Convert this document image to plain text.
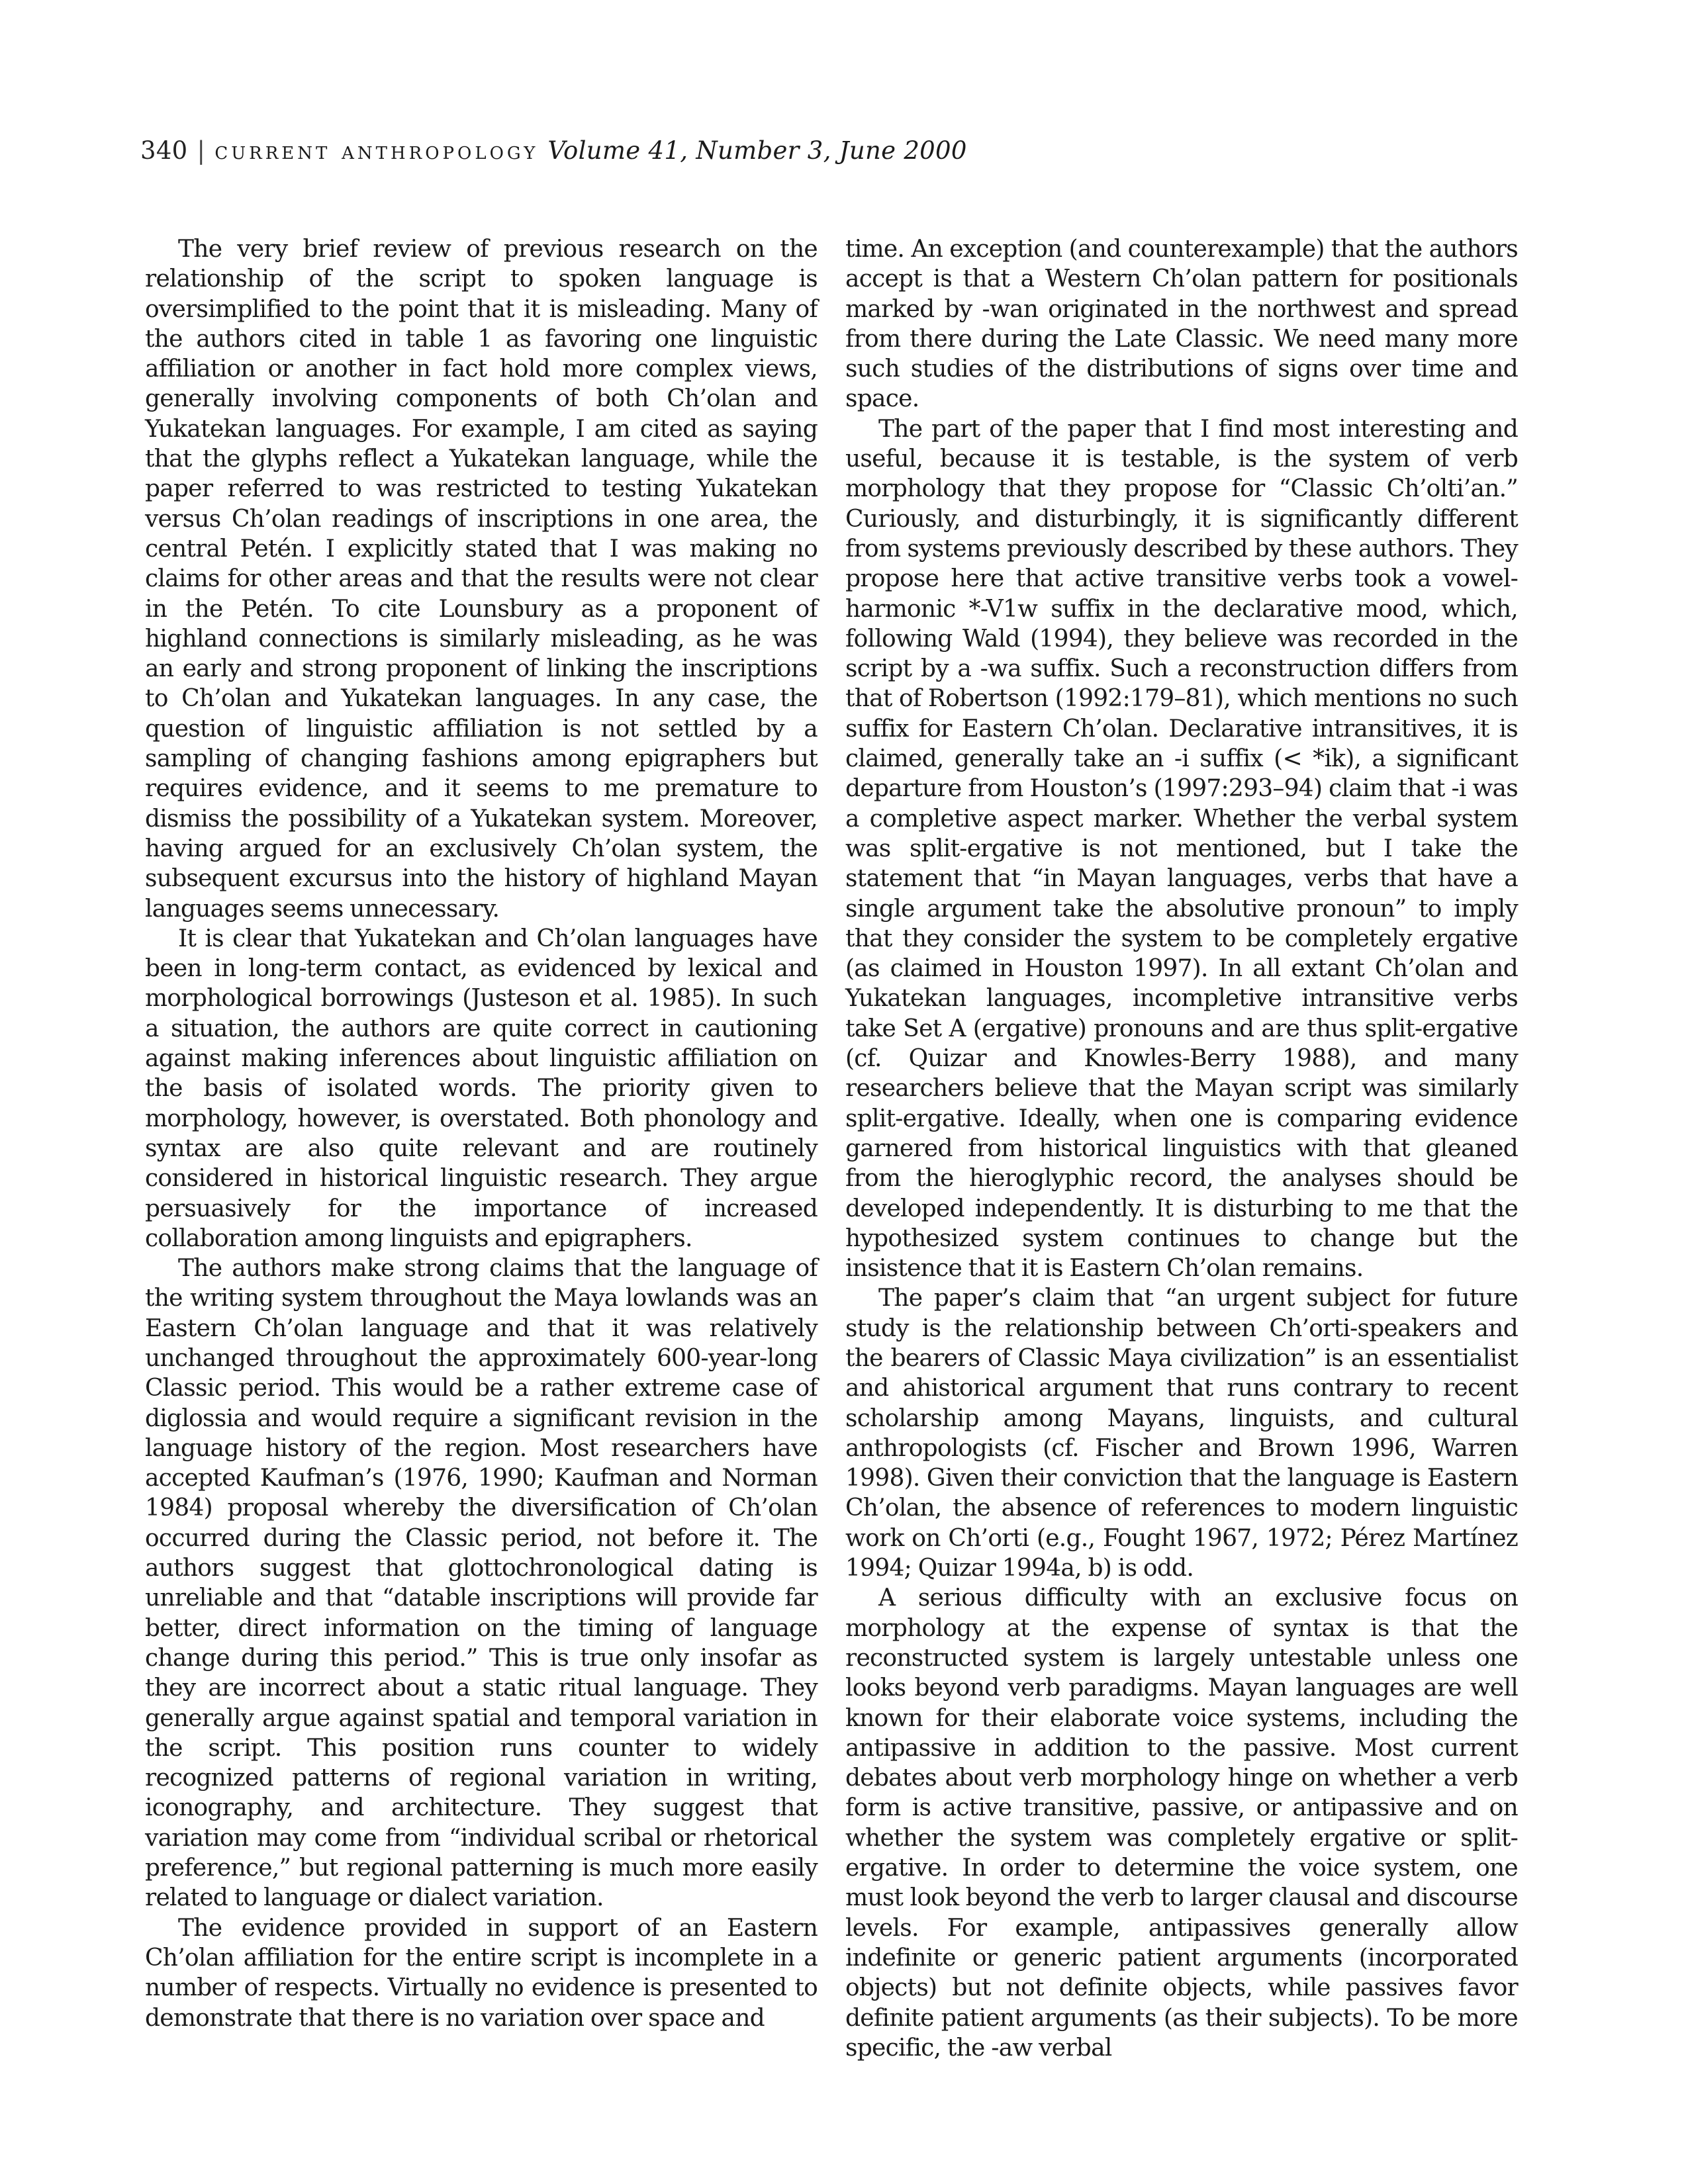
340 | current anthropology Volume 41, Number 3, June 2000

The very brief review of previous research on the relationship of the script to spoken language is oversimplified to the point that it is misleading. Many of the authors cited in table 1 as favoring one linguistic affiliation or another in fact hold more complex views, generally involving components of both Ch’olan and Yukatekan languages. For example, I am cited as saying that the glyphs reflect a Yukatekan language, while the paper referred to was restricted to testing Yukatekan versus Ch’olan readings of inscriptions in one area, the central Petén. I explicitly stated that I was making no claims for other areas and that the results were not clear in the Petén. To cite Lounsbury as a proponent of highland connections is similarly misleading, as he was an early and strong proponent of linking the inscriptions to Ch’olan and Yukatekan languages. In any case, the question of linguistic affiliation is not settled by a sampling of changing fashions among epigraphers but requires evidence, and it seems to me premature to dismiss the possibility of a Yukatekan system. Moreover, having argued for an exclusively Ch’olan system, the subsequent excursus into the history of highland Mayan languages seems unnecessary.

It is clear that Yukatekan and Ch’olan languages have been in long-term contact, as evidenced by lexical and morphological borrowings (Justeson et al. 1985). In such a situation, the authors are quite correct in cautioning against making inferences about linguistic affiliation on the basis of isolated words. The priority given to morphology, however, is overstated. Both phonology and syntax are also quite relevant and are routinely considered in historical linguistic research. They argue persuasively for the importance of increased collaboration among linguists and epigraphers.

The authors make strong claims that the language of the writing system throughout the Maya lowlands was an Eastern Ch’olan language and that it was relatively unchanged throughout the approximately 600-year-long Classic period. This would be a rather extreme case of diglossia and would require a significant revision in the language history of the region. Most researchers have accepted Kaufman’s (1976, 1990; Kaufman and Norman 1984) proposal whereby the diversification of Ch’olan occurred during the Classic period, not before it. The authors suggest that glottochronological dating is unreliable and that “datable inscriptions will provide far better, direct information on the timing of language change during this period.” This is true only insofar as they are incorrect about a static ritual language. They generally argue against spatial and temporal variation in the script. This position runs counter to widely recognized patterns of regional variation in writing, iconography, and architecture. They suggest that variation may come from “individual scribal or rhetorical preference,” but regional patterning is much more easily related to language or dialect variation.

The evidence provided in support of an Eastern Ch’olan affiliation for the entire script is incomplete in a number of respects. Virtually no evidence is presented to demonstrate that there is no variation over space and

time. An exception (and counterexample) that the authors accept is that a Western Ch’olan pattern for positionals marked by -wan originated in the northwest and spread from there during the Late Classic. We need many more such studies of the distributions of signs over time and space.

The part of the paper that I find most interesting and useful, because it is testable, is the system of verb morphology that they propose for “Classic Ch’olti’an.” Curiously, and disturbingly, it is significantly different from systems previously described by these authors. They propose here that active transitive verbs took a vowel-harmonic *-V1w suffix in the declarative mood, which, following Wald (1994), they believe was recorded in the script by a -wa suffix. Such a reconstruction differs from that of Robertson (1992:179–81), which mentions no such suffix for Eastern Ch’olan. Declarative intransitives, it is claimed, generally take an -i suffix (< *ik), a significant departure from Houston’s (1997:293–94) claim that -i was a completive aspect marker. Whether the verbal system was split-ergative is not mentioned, but I take the statement that “in Mayan languages, verbs that have a single argument take the absolutive pronoun” to imply that they consider the system to be completely ergative (as claimed in Houston 1997). In all extant Ch’olan and Yukatekan languages, incompletive intransitive verbs take Set A (ergative) pronouns and are thus split-ergative (cf. Quizar and Knowles-Berry 1988), and many researchers believe that the Mayan script was similarly split-ergative. Ideally, when one is comparing evidence garnered from historical linguistics with that gleaned from the hieroglyphic record, the analyses should be developed independently. It is disturbing to me that the hypothesized system continues to change but the insistence that it is Eastern Ch’olan remains.

The paper’s claim that “an urgent subject for future study is the relationship between Ch’orti-speakers and the bearers of Classic Maya civilization” is an essentialist and ahistorical argument that runs contrary to recent scholarship among Mayans, linguists, and cultural anthropologists (cf. Fischer and Brown 1996, Warren 1998). Given their conviction that the language is Eastern Ch’olan, the absence of references to modern linguistic work on Ch’orti (e.g., Fought 1967, 1972; Pérez Martínez 1994; Quizar 1994a, b) is odd.

A serious difficulty with an exclusive focus on morphology at the expense of syntax is that the reconstructed system is largely untestable unless one looks beyond verb paradigms. Mayan languages are well known for their elaborate voice systems, including the antipassive in addition to the passive. Most current debates about verb morphology hinge on whether a verb form is active transitive, passive, or antipassive and on whether the system was completely ergative or split-ergative. In order to determine the voice system, one must look beyond the verb to larger clausal and discourse levels. For example, antipassives generally allow indefinite or generic patient arguments (incorporated objects) but not definite objects, while passives favor definite patient arguments (as their subjects). To be more specific, the -aw verbal
